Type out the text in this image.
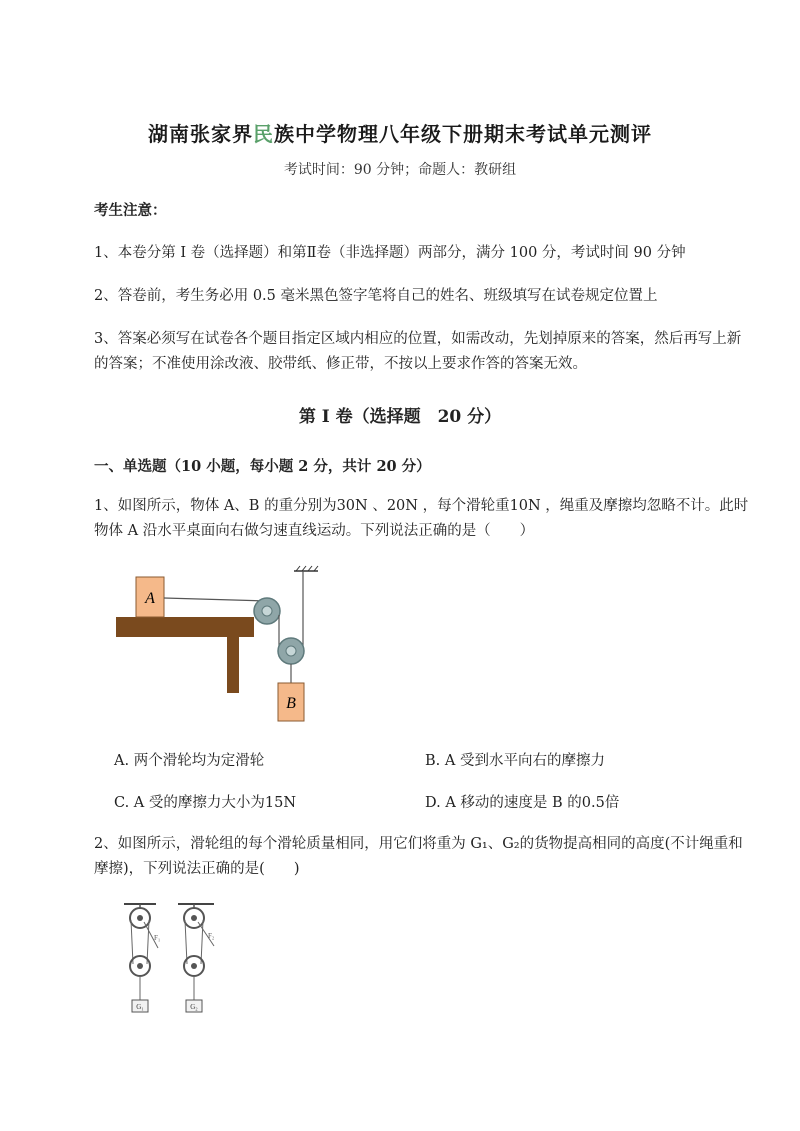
湖南张家界民族中学物理八年级下册期末考试单元测评
考试时间：90 分钟；命题人：教研组
考生注意：
1、本卷分第 I 卷（选择题）和第Ⅱ卷（非选择题）两部分，满分 100 分，考试时间 90 分钟
2、答卷前，考生务必用 0.5 毫米黑色签字笔将自己的姓名、班级填写在试卷规定位置上
3、答案必须写在试卷各个题目指定区域内相应的位置，如需改动，先划掉原来的答案，然后再写上新
的答案；不准使用涂改液、胶带纸、修正带，不按以上要求作答的答案无效。
第 I 卷（选择题　20 分）
一、单选题（10 小题，每小题 2 分，共计 20 分）
1、如图所示，物体 A、B 的重分别为30N 、20N ，每个滑轮重10N ，绳重及摩擦均忽略不计。此时
物体 A 沿水平桌面向右做匀速直线运动。下列说法正确的是（　　）
A
B
A. 两个滑轮均为定滑轮	B. A 受到水平向右的摩擦力
C. A 受的摩擦力大小为15N	D. A 移动的速度是 B 的0.5倍
2、如图所示，滑轮组的每个滑轮质量相同，用它们将重为 G₁、G₂的货物提高相同的高度(不计绳重和
摩擦)，下列说法正确的是(　　)
F₁
G₁
F₂
G₂
